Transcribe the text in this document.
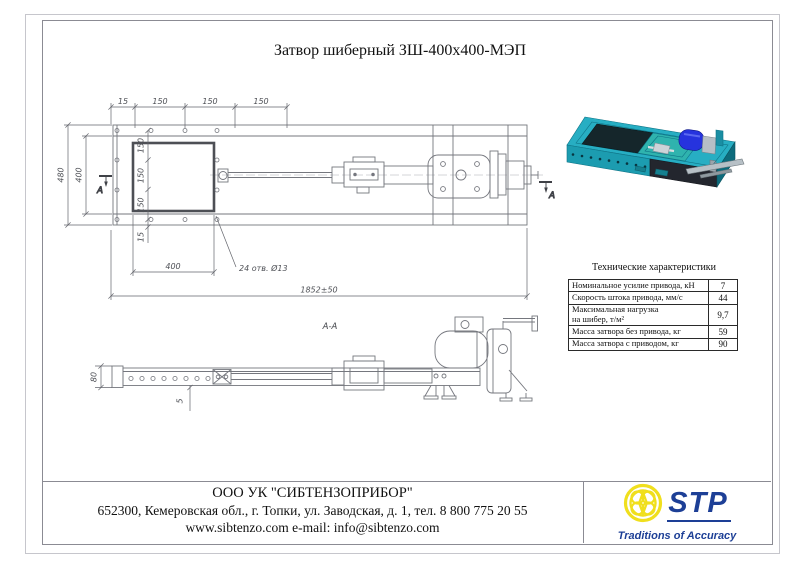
Затвор шиберный ЗШ-400х400-МЭП
А	А
15	150	150	150
480 400
150
150
150
15
400	24 отв. Ø13
1852±50
А-А
80
5
Технические характеристики
Номинальное усилие привода, кН	7
Скорость штока привода, мм/с	44
Максимальная нагрузка
на шибер, т/м²	9,7
Масса затвора без привода, кг	59
Масса затвора с приводом, кг	90
ООО УК "СИБТЕНЗОПРИБОР"
652300, Кемеровская обл., г. Топки, ул. Заводская, д. 1, тел. 8 800 775 20 55
www.sibtenzo.com e-mail: info@sibtenzo.com
STP
Traditions of Accuracy
